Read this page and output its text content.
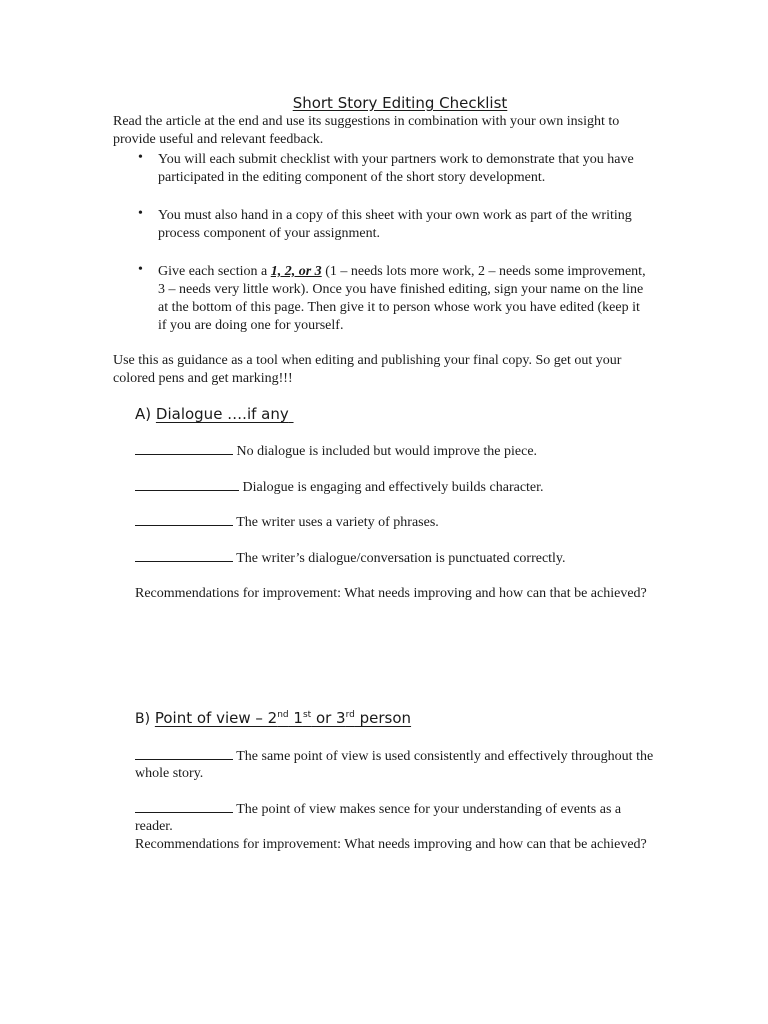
Short Story Editing Checklist
Read the article at the end and use its suggestions in combination with your own insight to
provide useful and relevant feedback.
• You will each submit checklist with your partners work to demonstrate that you have
participated in the editing component of the short story development.
• You must also hand in a copy of this sheet with your own work as part of the writing
process component of your assignment.
• Give each section a 1, 2, or 3 (1 – needs lots more work, 2 – needs some improvement,
3 – needs very little work). Once you have finished editing, sign your name on the line
at the bottom of this page. Then give it to person whose work you have edited (keep it
if you are doing one for yourself.
Use this as guidance as a tool when editing and publishing your final copy. So get out your
colored pens and get marking!!!
A) Dialogue ….if any
No dialogue is included but would improve the piece.
Dialogue is engaging and effectively builds character.
The writer uses a variety of phrases.
The writer’s dialogue/conversation is punctuated correctly.
Recommendations for improvement: What needs improving and how can that be achieved?
B) Point of view – 2nd 1st or 3rd person
The same point of view is used consistently and effectively throughout the
whole story.
The point of view makes sence for your understanding of events as a
reader.
Recommendations for improvement: What needs improving and how can that be achieved?
